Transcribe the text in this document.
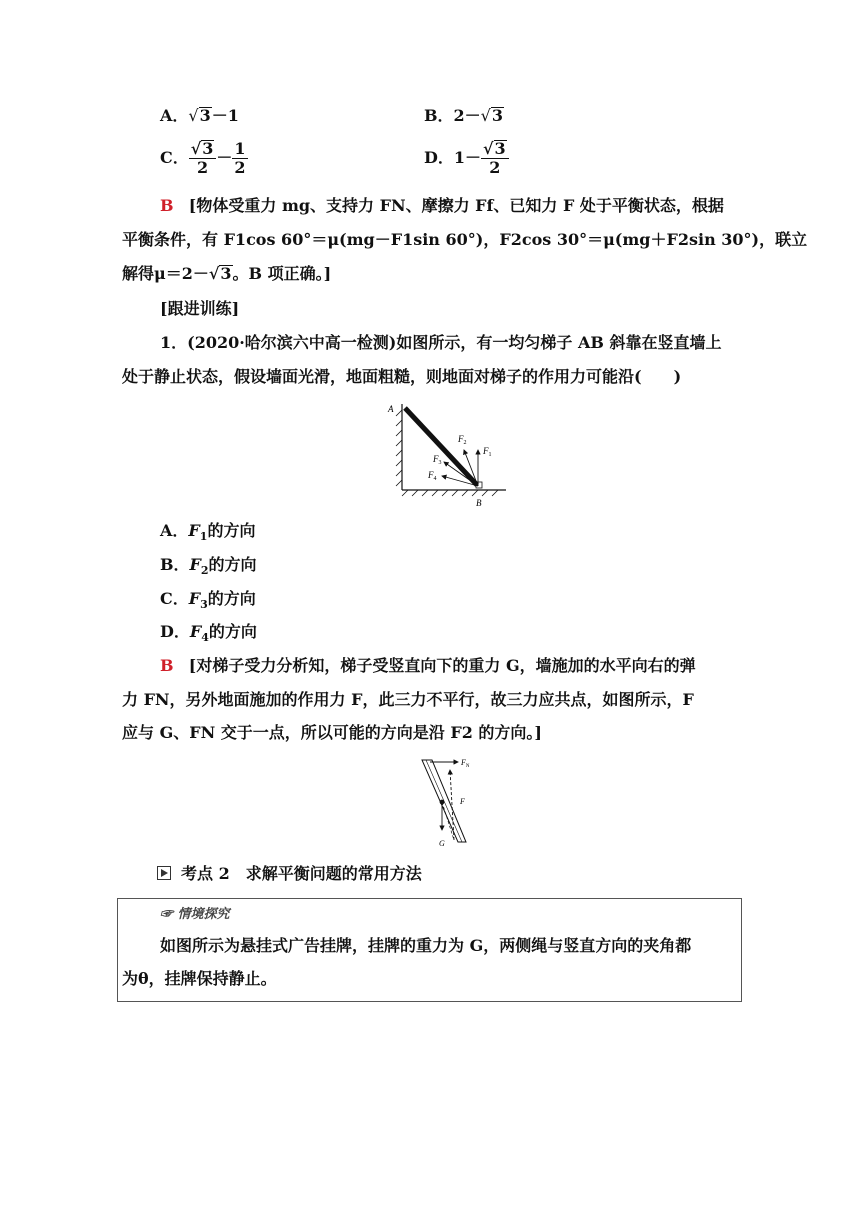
A．√3－1	B．2－√3
C． $\frac{√3}{2} - \frac{1}{2}$	D．$1- \frac{√3}{2}$
B [物体受重力 mg、支持力 FN、摩擦力 Ff、已知力 F 处于平衡状态，根据
平衡条件，有 F1cos 60°＝μ(mg－F1sin 60°)，F2cos 30°＝μ(mg＋F2sin 30°)，联立
解得μ＝2－√3。B 项正确。]
[跟进训练]
1．(2020·哈尔滨六中高一检测)如图所示，有一均匀梯子 AB 斜靠在竖直墙上
处于静止状态，假设墙面光滑，地面粗糙，则地面对梯子的作用力可能沿(　　)
A
B
$F_1$
$F_2$
$F_3$
$F_4$
A．$F_1$的方向
B．$F_2$的方向
C．$F_3$的方向
D．$F_4$的方向
B [对梯子受力分析知，梯子受竖直向下的重力 G，墙施加的水平向右的弹
力 FN，另外地面施加的作用力 F，此三力不平行，故三力应共点，如图所示，F
应与 G、FN 交于一点，所以可能的方向是沿 F2 的方向。]
$F_N$
F
G
考点 2　求解平衡问题的常用方法
☞ 情境探究
如图所示为悬挂式广告挂牌，挂牌的重力为 G，两侧绳与竖直方向的夹角都
为θ，挂牌保持静止。
